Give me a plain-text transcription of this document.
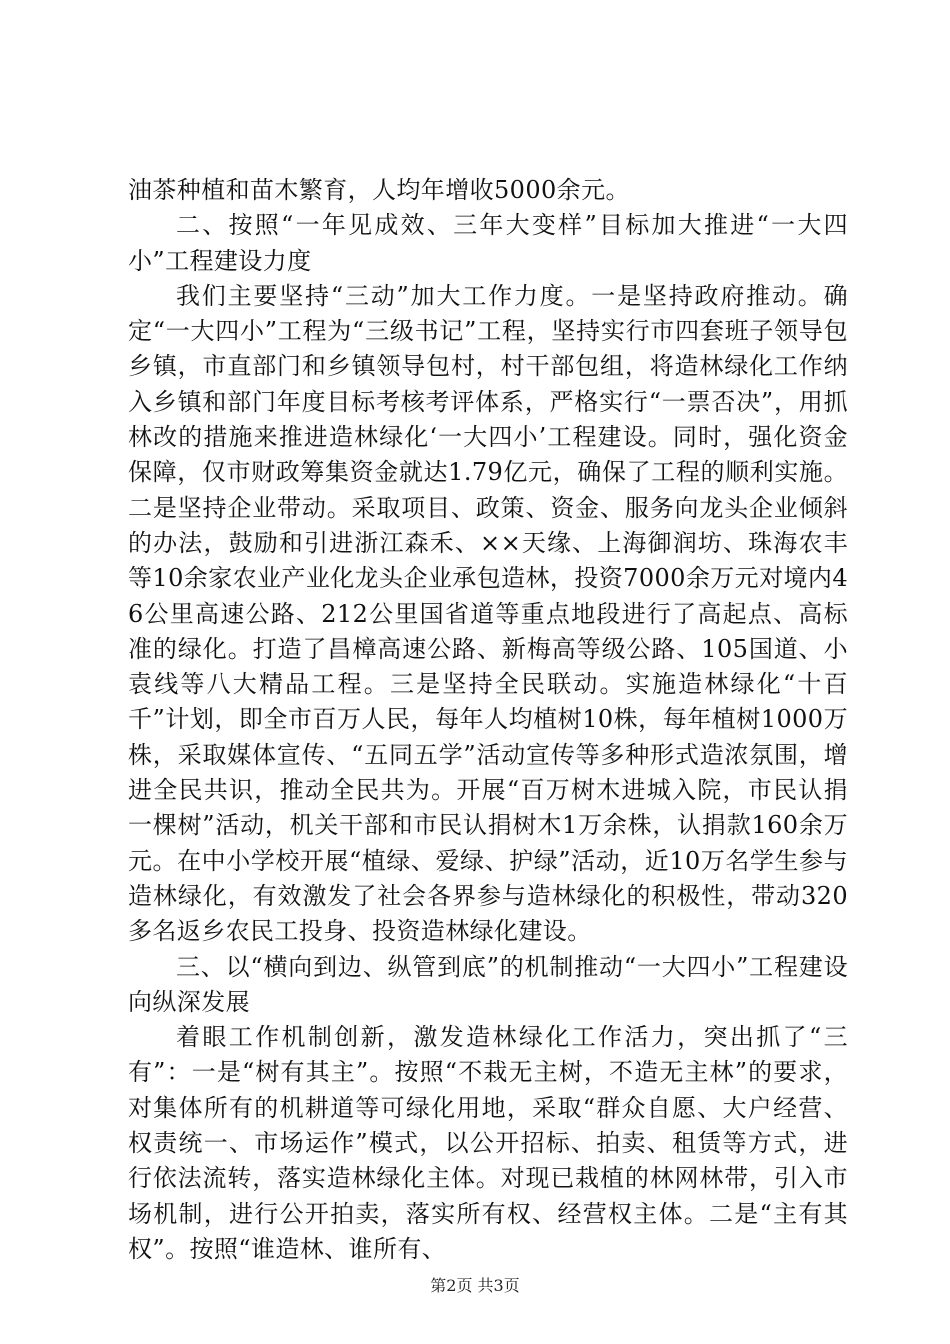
油茶种植和苗木繁育，人均年增收5000余元。

二、按照“一年见成效、三年大变样”目标加大推进“一大四小”工程建设力度

我们主要坚持“三动”加大工作力度。一是坚持政府推动。确定“一大四小”工程为“三级书记”工程，坚持实行市四套班子领导包乡镇，市直部门和乡镇领导包村，村干部包组，将造林绿化工作纳入乡镇和部门年度目标考核考评体系，严格实行“一票否决”，用抓林改的措施来推进造林绿化‘一大四小’工程建设。同时，强化资金保障，仅市财政筹集资金就达1.79亿元，确保了工程的顺利实施。二是坚持企业带动。采取项目、政策、资金、服务向龙头企业倾斜的办法，鼓励和引进浙江森禾、××天缘、上海御润坊、珠海农丰等10余家农业产业化龙头企业承包造林，投资7000余万元对境内46公里高速公路、212公里国省道等重点地段进行了高起点、高标准的绿化。打造了昌樟高速公路、新梅高等级公路、105国道、小袁线等八大精品工程。三是坚持全民联动。实施造林绿化“十百千”计划，即全市百万人民，每年人均植树10株，每年植树1000万株，采取媒体宣传、“五同五学”活动宣传等多种形式造浓氛围，增进全民共识，推动全民共为。开展“百万树木进城入院，市民认捐一棵树”活动，机关干部和市民认捐树木1万余株，认捐款160余万元。在中小学校开展“植绿、爱绿、护绿”活动，近10万名学生参与造林绿化，有效激发了社会各界参与造林绿化的积极性，带动320多名返乡农民工投身、投资造林绿化建设。

三、以“横向到边、纵管到底”的机制推动“一大四小”工程建设向纵深发展

着眼工作机制创新，激发造林绿化工作活力，突出抓了“三有”：一是“树有其主”。按照“不栽无主树，不造无主林”的要求，对集体所有的机耕道等可绿化用地，采取“群众自愿、大户经营、权责统一、市场运作”模式，以公开招标、拍卖、租赁等方式，进行依法流转，落实造林绿化主体。对现已栽植的林网林带，引入市场机制，进行公开拍卖，落实所有权、经营权主体。二是“主有其权”。按照“谁造林、谁所有、

第2页 共3页
